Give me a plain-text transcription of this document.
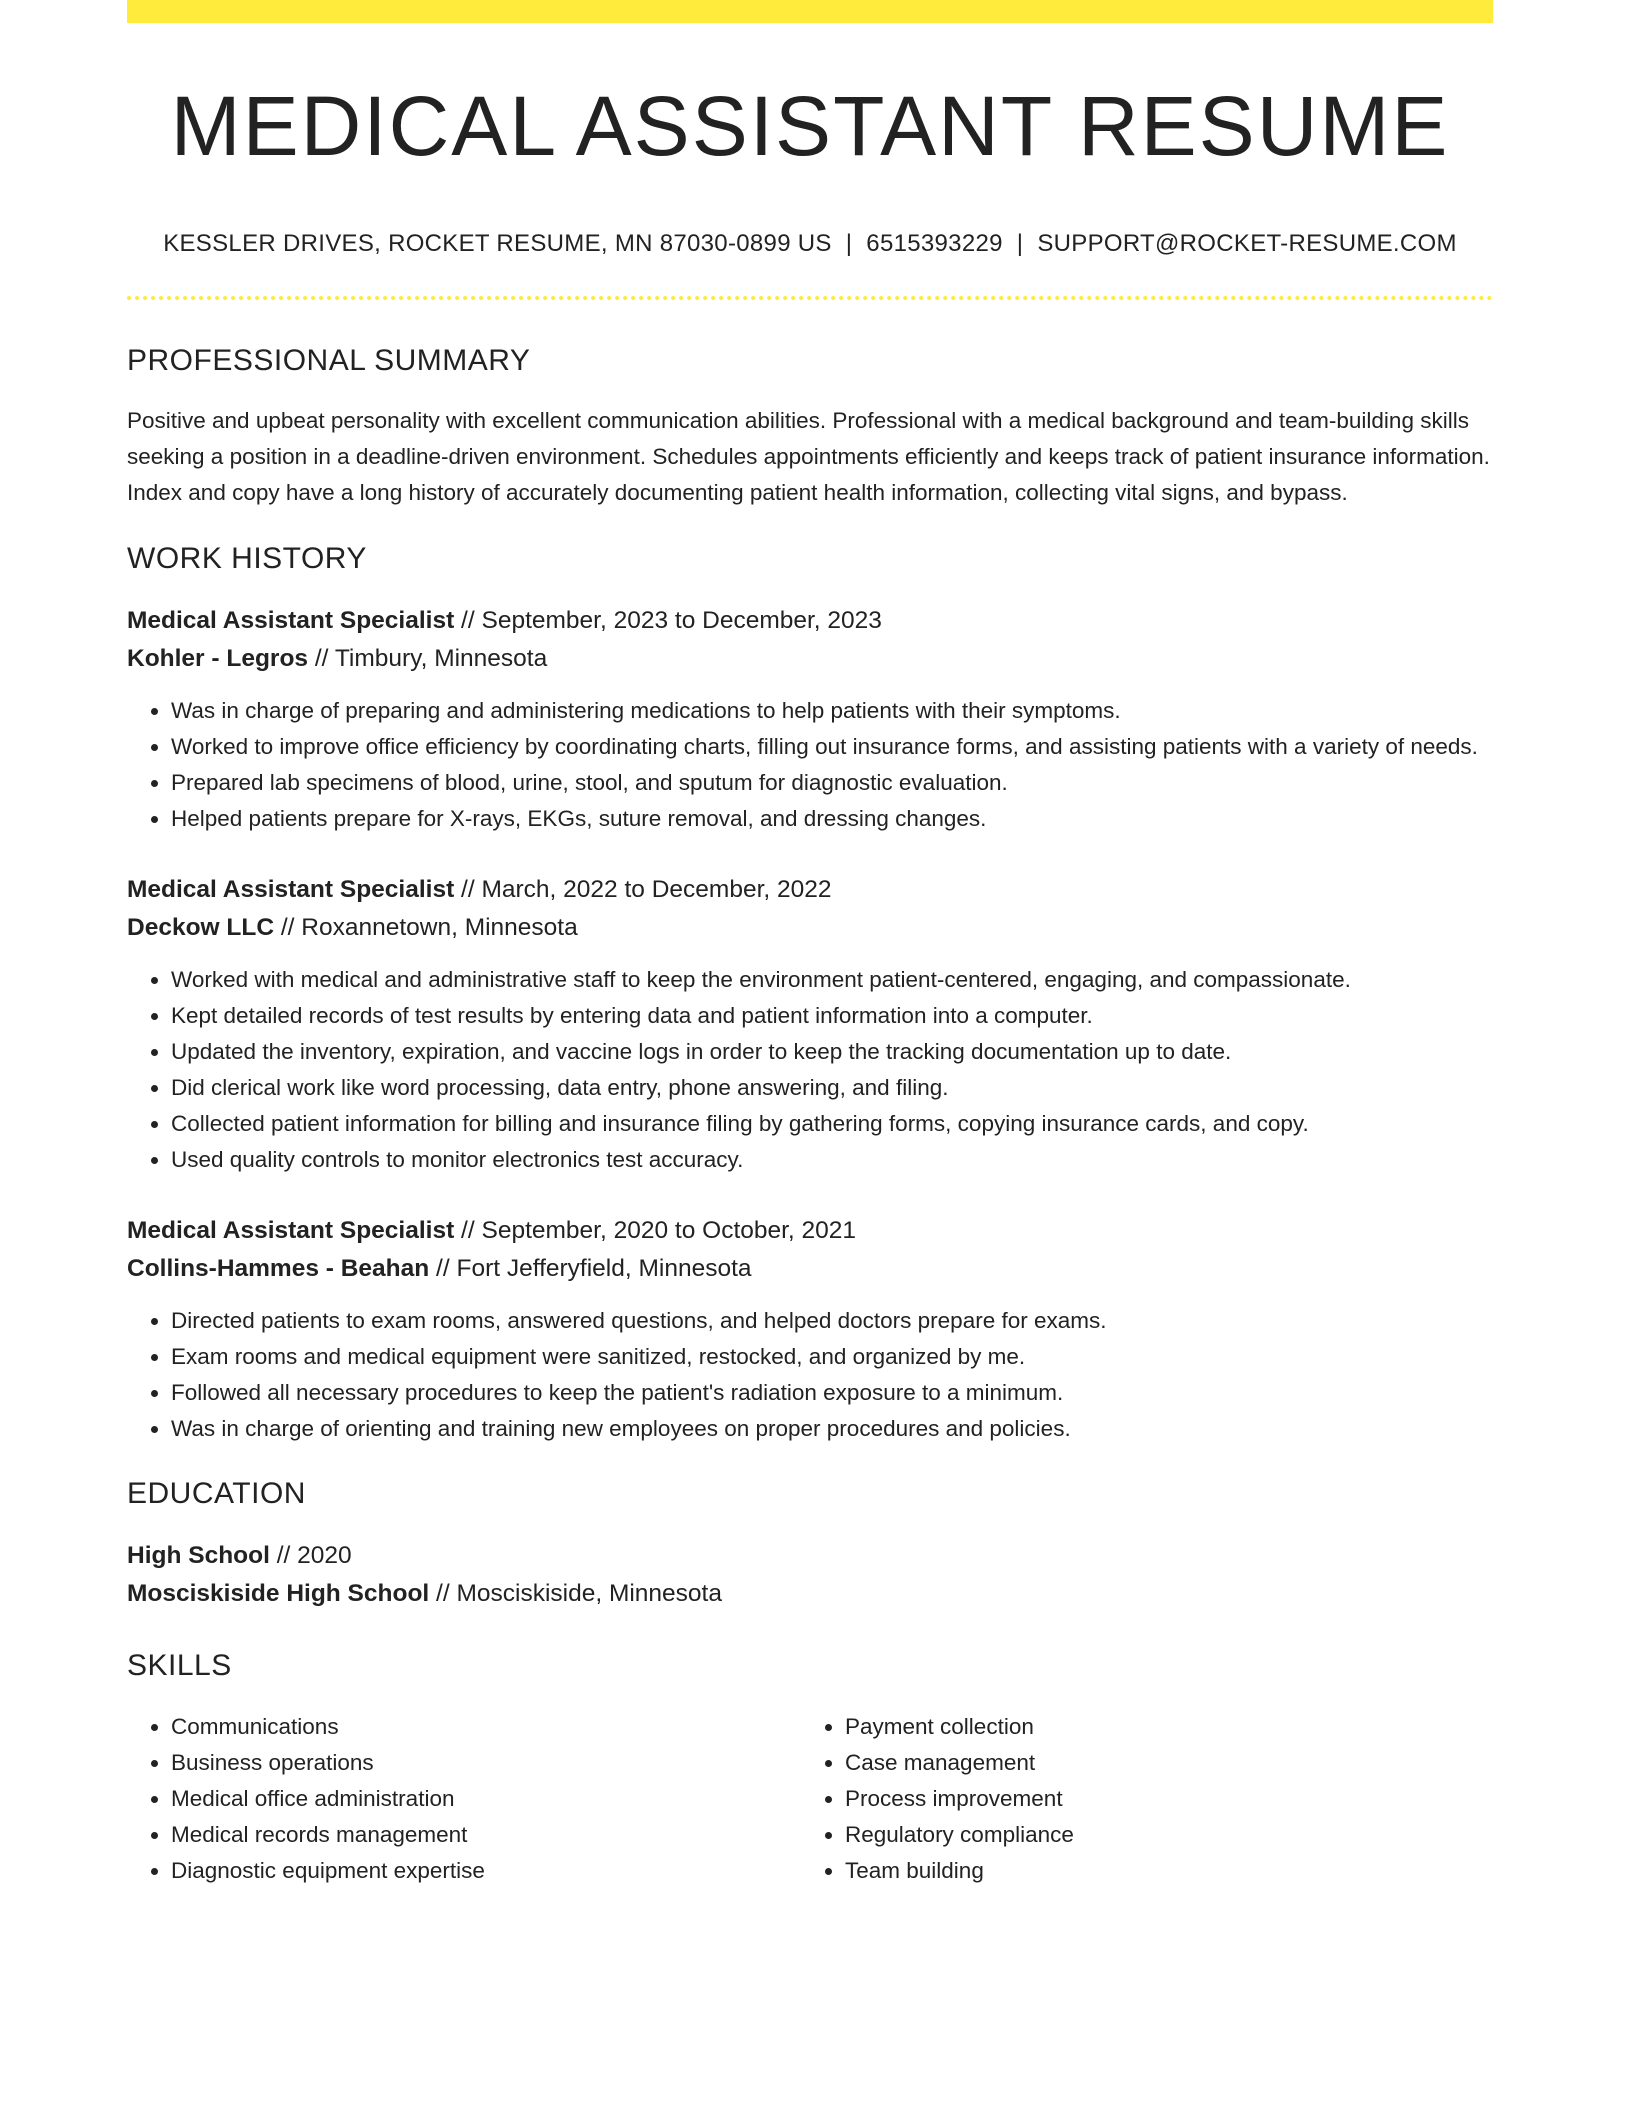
MEDICAL ASSISTANT RESUME
KESSLER DRIVES, ROCKET RESUME, MN 87030-0899 US | 6515393229 | SUPPORT@ROCKET-RESUME.COM
PROFESSIONAL SUMMARY
Positive and upbeat personality with excellent communication abilities. Professional with a medical background and team-building skills seeking a position in a deadline-driven environment. Schedules appointments efficiently and keeps track of patient insurance information. Index and copy have a long history of accurately documenting patient health information, collecting vital signs, and bypass.
WORK HISTORY
Medical Assistant Specialist // September, 2023 to December, 2023
Kohler - Legros // Timbury, Minnesota
• Was in charge of preparing and administering medications to help patients with their symptoms.
• Worked to improve office efficiency by coordinating charts, filling out insurance forms, and assisting patients with a variety of needs.
• Prepared lab specimens of blood, urine, stool, and sputum for diagnostic evaluation.
• Helped patients prepare for X-rays, EKGs, suture removal, and dressing changes.
Medical Assistant Specialist // March, 2022 to December, 2022
Deckow LLC // Roxannetown, Minnesota
• Worked with medical and administrative staff to keep the environment patient-centered, engaging, and compassionate.
• Kept detailed records of test results by entering data and patient information into a computer.
• Updated the inventory, expiration, and vaccine logs in order to keep the tracking documentation up to date.
• Did clerical work like word processing, data entry, phone answering, and filing.
• Collected patient information for billing and insurance filing by gathering forms, copying insurance cards, and copy.
• Used quality controls to monitor electronics test accuracy.
Medical Assistant Specialist // September, 2020 to October, 2021
Collins-Hammes - Beahan // Fort Jefferyfield, Minnesota
• Directed patients to exam rooms, answered questions, and helped doctors prepare for exams.
• Exam rooms and medical equipment were sanitized, restocked, and organized by me.
• Followed all necessary procedures to keep the patient's radiation exposure to a minimum.
• Was in charge of orienting and training new employees on proper procedures and policies.
EDUCATION
High School // 2020
Mosciskiside High School // Mosciskiside, Minnesota
SKILLS
• Communications
• Business operations
• Medical office administration
• Medical records management
• Diagnostic equipment expertise
• Payment collection
• Case management
• Process improvement
• Regulatory compliance
• Team building
